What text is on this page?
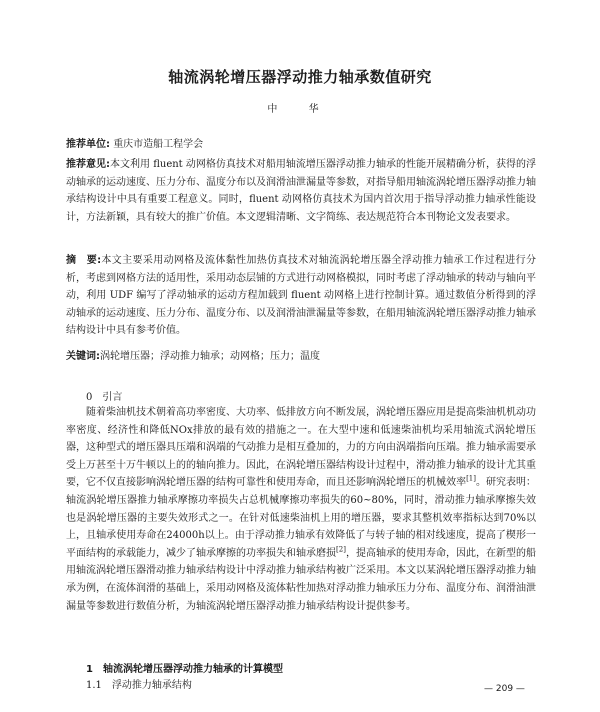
轴流涡轮增压器浮动推力轴承数值研究
中 华
推荐单位: 重庆市造船工程学会
推荐意见:本文利用 fluent 动网格仿真技术对船用轴流增压器浮动推力轴承的性能开展精确分析，获得的浮动轴承的运动速度、压力分布、温度分布以及润滑油泄漏量等参数，对指导船用轴流涡轮增压器浮动推力轴承结构设计中具有重要工程意义。同时，fluent 动网格仿真技术为国内首次用于指导浮动推力轴承性能设计，方法新颖，具有较大的推广价值。本文逻辑清晰、文字简练、表达规范符合本刊物论文发表要求。
摘　要:本文主要采用动网格及流体黏性加热仿真技术对轴流涡轮增压器全浮动推力轴承工作过程进行分析，考虑到网格方法的适用性，采用动态层铺的方式进行动网格模拟，同时考虑了浮动轴承的转动与轴向平动，利用 UDF 编写了浮动轴承的运动方程加载到 fluent 动网格上进行控制计算。通过数值分析得到的浮动轴承的运动速度、压力分布、温度分布、以及润滑油泄漏量等参数，在船用轴流涡轮增压器浮动推力轴承结构设计中具有参考价值。
关键词:涡轮增压器；浮动推力轴承；动网格；压力；温度
0 引言
随着柴油机技术朝着高功率密度、大功率、低排放方向不断发展，涡轮增压器应用是提高柴油机机动功率密度、经济性和降低NOx排放的最有效的措施之一。在大型中速和低速柴油机均采用轴流式涡轮增压器，这种型式的增压器具压端和涡端的气动推力是相互叠加的，力的方向由涡端指向压端。推力轴承需要承受上万甚至十万牛顿以上的的轴向推力。因此，在涡轮增压器结构设计过程中，滑动推力轴承的设计尤其重要，它不仅直接影响涡轮增压器的结构可靠性和使用寿命，而且还影响涡轮增压的机械效率[1]。研究表明：轴流涡轮增压器推力轴承摩擦功率损失占总机械摩擦功率损失的60~80%，同时，滑动推力轴承摩擦失效也是涡轮增压器的主要失效形式之一。在针对低速柴油机上用的增压器，要求其整机效率指标达到70%以上，且轴承使用寿命在24000h以上。由于浮动推力轴承有效降低了与转子轴的相对线速度，提高了楔形一平面结构的承载能力，减少了轴承摩擦的功率损失和轴承磨损[2]，提高轴承的使用寿命，因此，在新型的船用轴流涡轮增压器滑动推力轴承结构设计中浮动推力轴承结构被广泛采用。本文以某涡轮增压器浮动推力轴承为例，在流体润滑的基础上，采用动网格及流体粘性加热对浮动推力轴承压力分布、温度分布、润滑油泄漏量等参数进行数值分析，为轴流涡轮增压器浮动推力轴承结构设计提供参考。
1 轴流涡轮增压器浮动推力轴承的计算模型
1.1 浮动推力轴承结构	— 209 —
